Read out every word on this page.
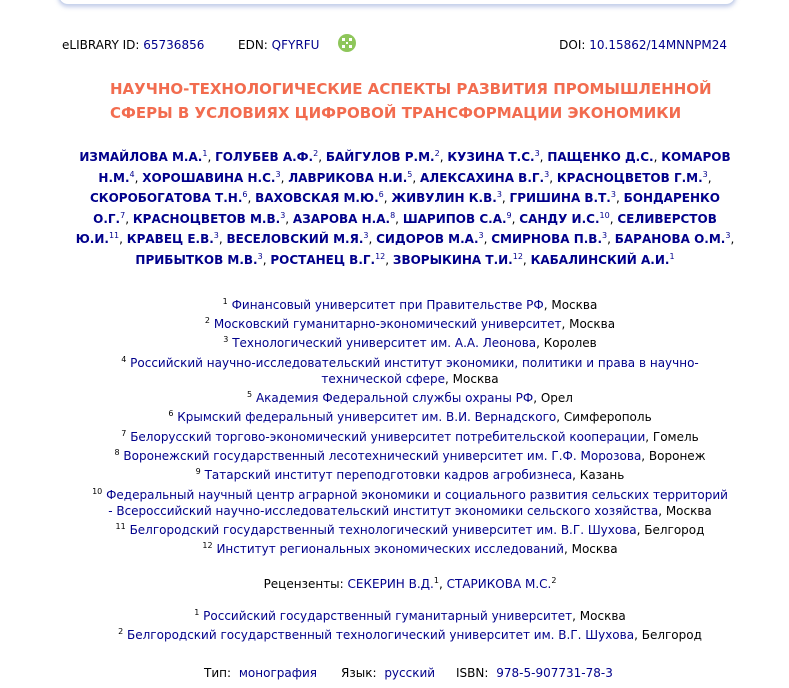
eLIBRARY ID: 65736856	EDN: QFYRFU	DOI: 10.15862/14MNNPM24
НАУЧНО-ТЕХНОЛОГИЧЕСКИЕ АСПЕКТЫ РАЗВИТИЯ ПРОМЫШЛЕННОЙ
СФЕРЫ В УСЛОВИЯХ ЦИФРОВОЙ ТРАНСФОРМАЦИИ ЭКОНОМИКИ
ИЗМАЙЛОВА М.А.$^1$, ГОЛУБЕВ А.Ф.$^2$, БАЙГУЛОВ Р.М.$^2$, КУЗИНА Т.С.$^3$, ПАЩЕНКО Д.С., КОМАРОВ Н.М.$^4$, ХОРОШАВИНА Н.С.$^3$, ЛАВРИКОВА Н.И.$^5$, АЛЕКСАХИНА В.Г.$^3$, КРАСНОЦВЕТОВ Г.М.$^3$, СКОРОБОГАТОВА Т.Н.$^6$, ВАХОВСКАЯ М.Ю.$^6$, ЖИВУЛИН К.В.$^3$, ГРИШИНА В.Т.$^3$, БОНДАРЕНКО О.Г.$^7$, КРАСНОЦВЕТОВ М.В.$^3$, АЗАРОВА Н.А.$^8$, ШАРИПОВ С.А.$^9$, САНДУ И.С.$^{10}$, СЕЛИВЕРСТОВ Ю.И.$^{11}$, КРАВЕЦ Е.В.$^3$, ВЕСЕЛОВСКИЙ М.Я.$^3$, СИДОРОВ М.А.$^3$, СМИРНОВА П.В.$^3$, БАРАНОВА О.М.$^3$, ПРИБЫТКОВ М.В.$^3$, РОСТАНЕЦ В.Г.$^{12}$, ЗВОРЫКИНА Т.И.$^{12}$, КАБАЛИНСКИЙ А.И.$^1$
$^1$ Финансовый университет при Правительстве РФ, Москва
$^2$ Московский гуманитарно-экономический университет, Москва
$^3$ Технологический университет им. А.А. Леонова, Королев
$^4$ Российский научно-исследовательский институт экономики, политики и права в научно-технической сфере, Москва
$^5$ Академия Федеральной службы охраны РФ, Орел
$^6$ Крымский федеральный университет им. В.И. Вернадского, Симферополь
$^7$ Белорусский торгово-экономический университет потребительской кооперации, Гомель
$^8$ Воронежский государственный лесотехнический университет им. Г.Ф. Морозова, Воронеж
$^9$ Татарский институт переподготовки кадров агробизнеса, Казань
$^{10}$ Федеральный научный центр аграрной экономики и социального развития сельских территорий - Всероссийский научно-исследовательский институт экономики сельского хозяйства, Москва
$^{11}$ Белгородский государственный технологический университет им. В.Г. Шухова, Белгород
$^{12}$ Институт региональных экономических исследований, Москва
Рецензенты: СЕКЕРИН В.Д.$^1$, СТАРИКОВА М.С.$^2$
$^1$ Российский государственный гуманитарный университет, Москва
$^2$ Белгородский государственный технологический университет им. В.Г. Шухова, Белгород
Тип: монография Язык: русский ISBN: 978-5-907731-78-3
